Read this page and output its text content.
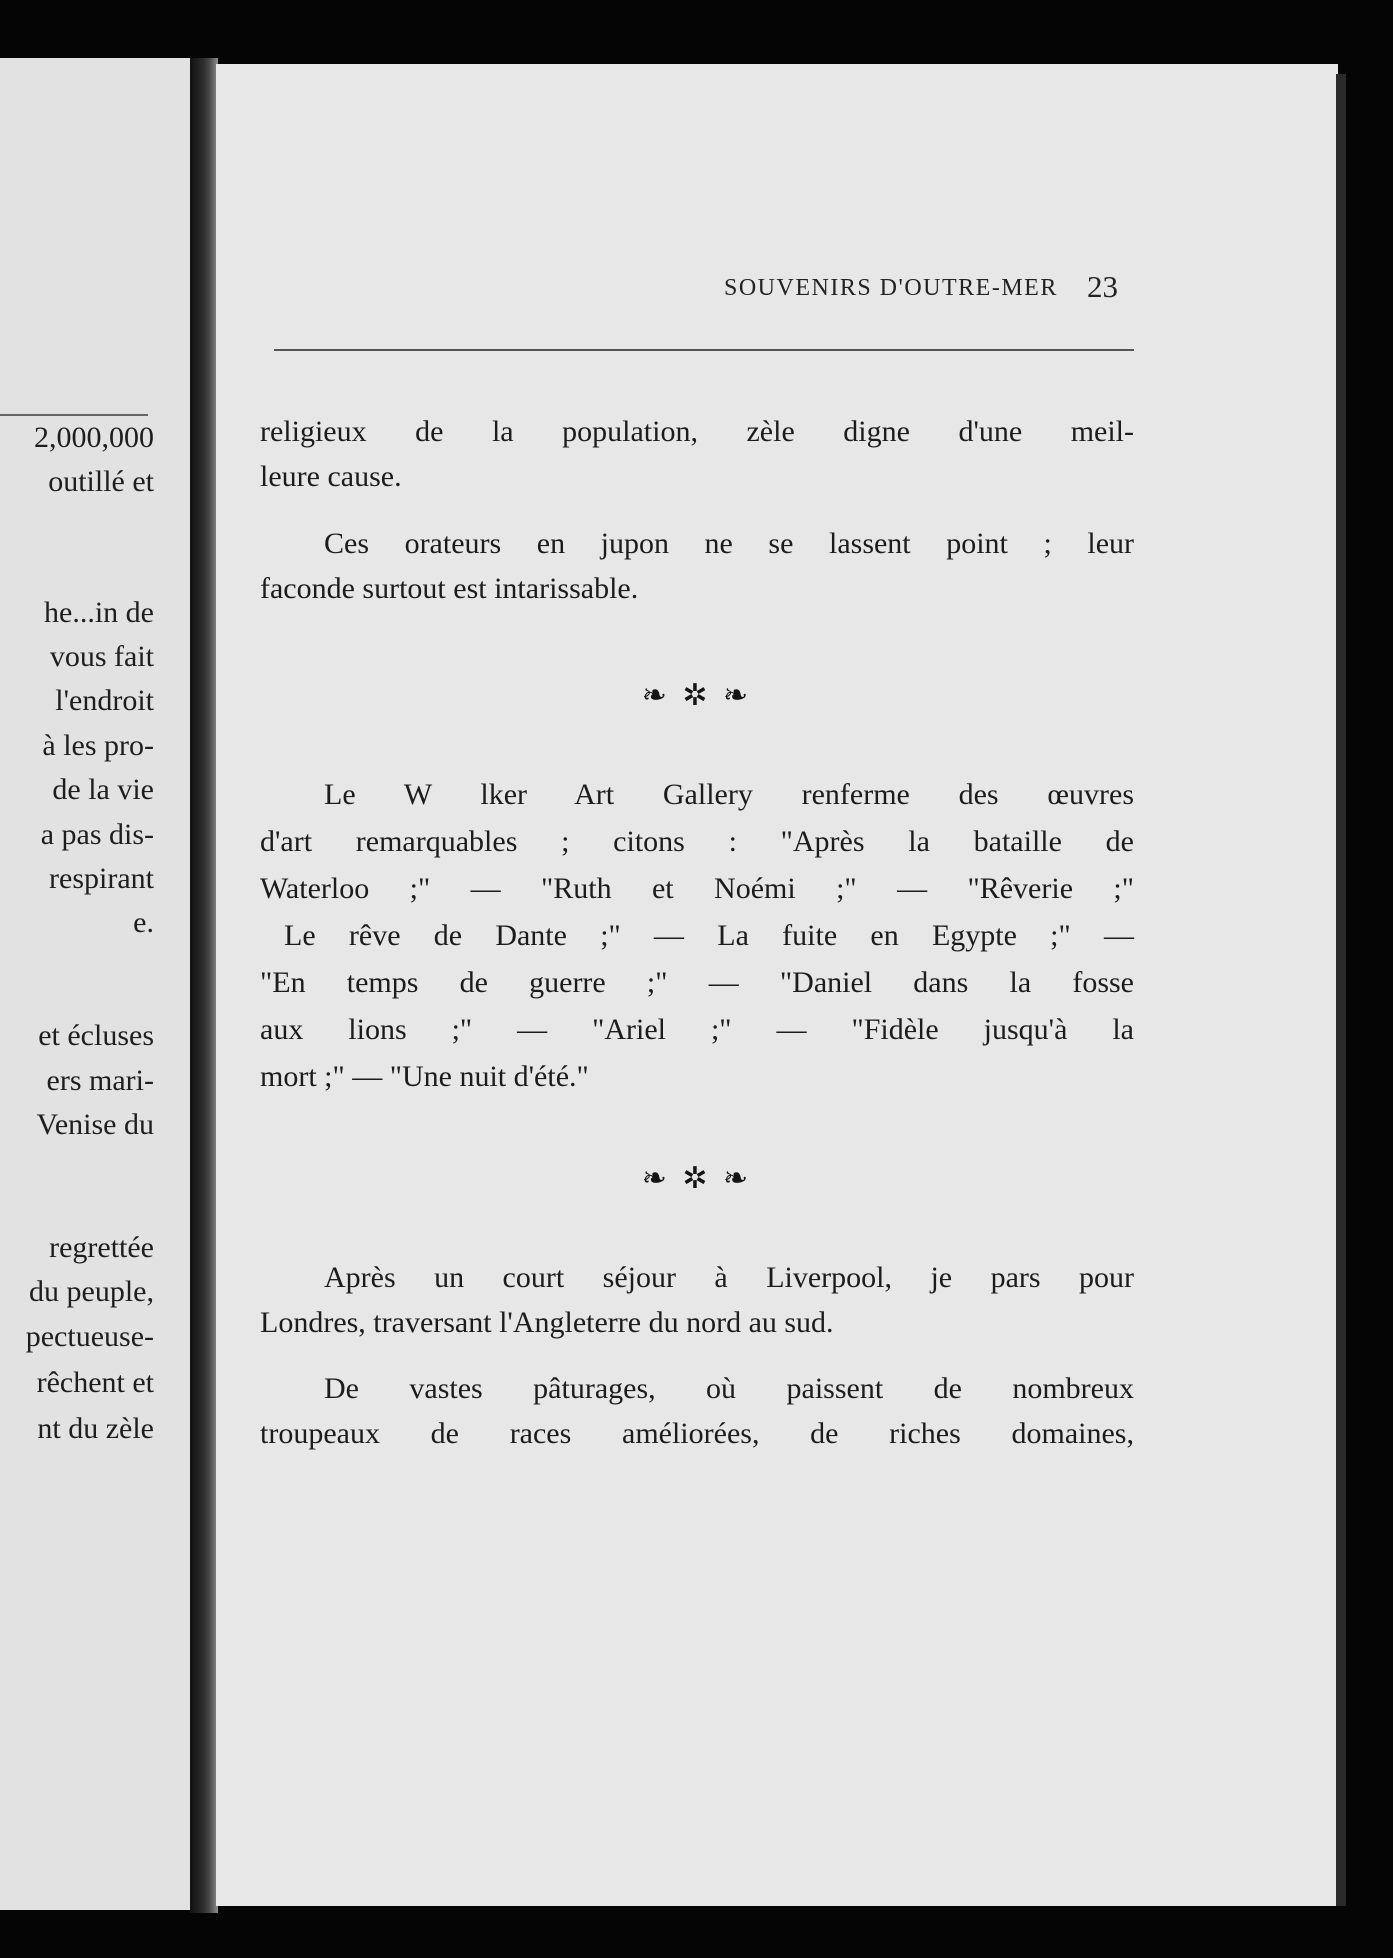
2,000,000
outillé et
he...in de
vous fait
l'endroit
à les pro-
de la vie
a pas dis-
respirant
e.
et écluses
ers mari-
Venise du
regrettée
du peuple,
pectueuse-
rêchent et
nt du zèle
SOUVENIRS D'OUTRE-MER 23
religieux de la population, zèle digne d'une meil-
leure cause.
Ces orateurs en jupon ne se lassent point ; leur
faconde surtout est intarissable.
❧ ✲ ❧
Le W lker Art Gallery renferme des œuvres
d'art remarquables ; citons : "Après la bataille de
Waterloo ;" — "Ruth et Noémi ;" — "Rêverie ;"
Le rêve de Dante ;" — La fuite en Egypte ;" —
"En temps de guerre ;" — "Daniel dans la fosse
aux lions ;" — "Ariel ;" — "Fidèle jusqu'à la
mort ;" — "Une nuit d'été."
❧ ✲ ❧
Après un court séjour à Liverpool, je pars pour
Londres, traversant l'Angleterre du nord au sud.
De vastes pâturages, où paissent de nombreux
troupeaux de races améliorées, de riches domaines,
